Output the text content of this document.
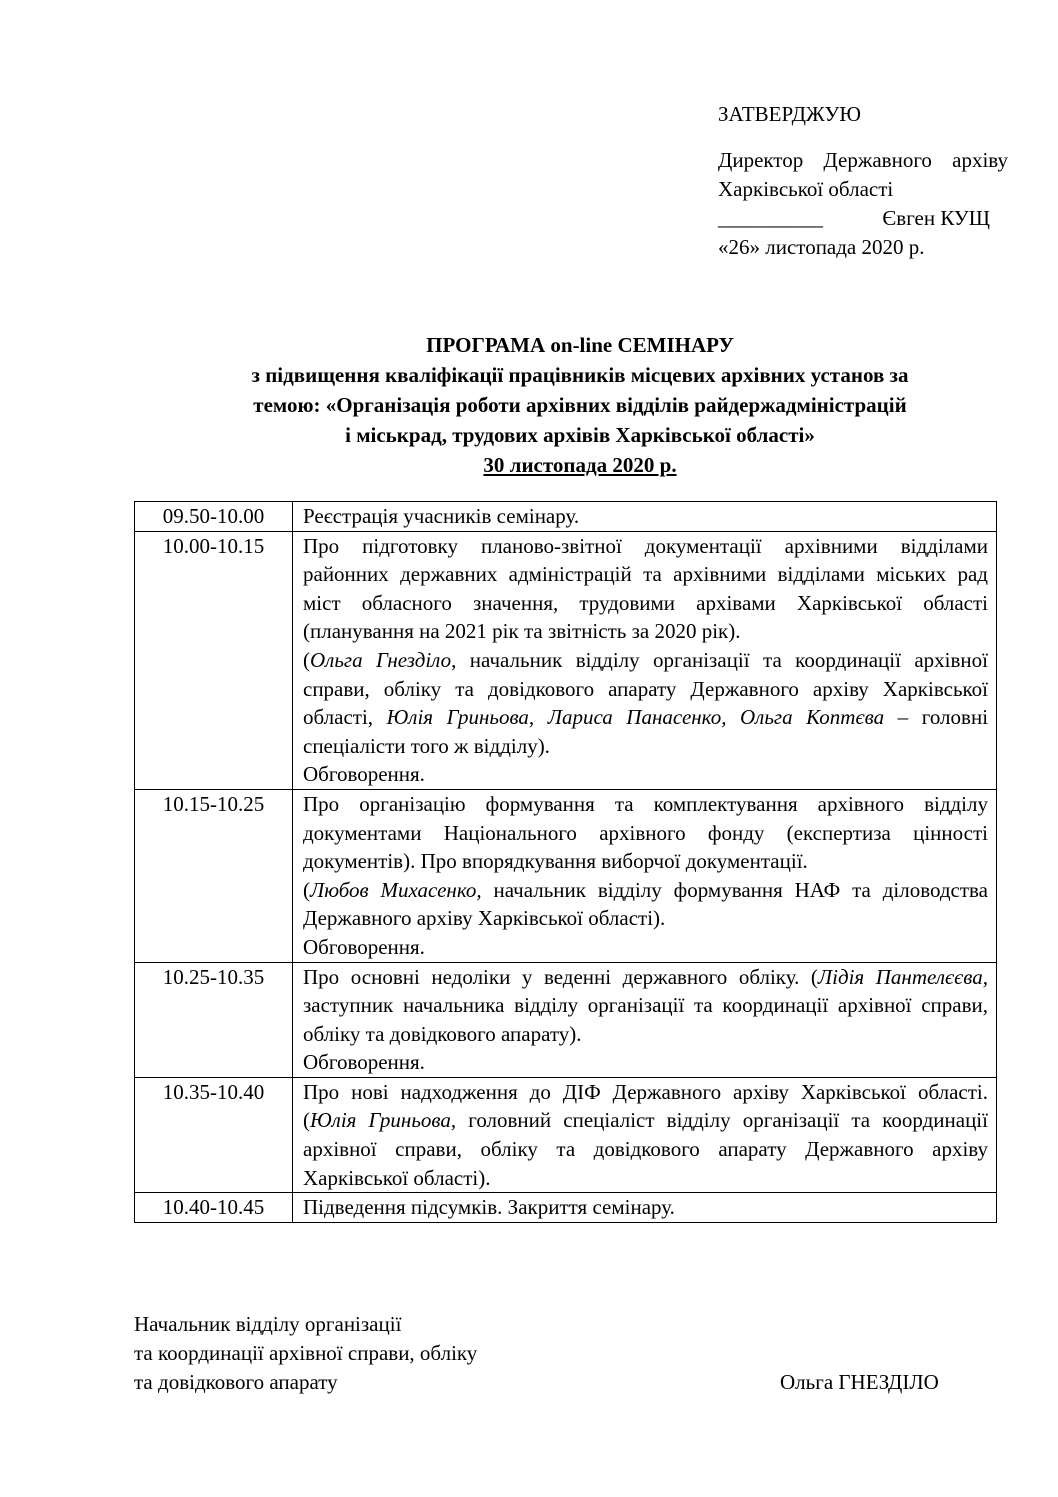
ЗАТВЕРДЖУЮ
Директор Державного архіву Харківської області
__________	Євген КУЩ
«26» листопада 2020 р.
ПРОГРАМА on-line СЕМІНАРУ
з підвищення кваліфікації працівників місцевих архівних установ за
темою: «Організація роботи архівних відділів райдержадміністрацій
і міськрад, трудових архівів Харківської області»
30 листопада 2020 р.
09.50-10.00	Реєстрація учасників семінару.

10.00-10.15	Про підготовку планово-звітної документації архівними відділами районних державних адміністрацій та архівними відділами міських рад міст обласного значення, трудовими архівами Харківської області (планування на 2021 рік та звітність за 2020 рік).
(Ольга Гнезділо, начальник відділу організації та координації архівної справи, обліку та довідкового апарату Державного архіву Харківської області, Юлія Гриньова, Лариса Панасенко, Ольга Коптєва – головні спеціалісти того ж відділу).
Обговорення.

10.15-10.25	Про організацію формування та комплектування архівного відділу документами Національного архівного фонду (експертиза цінності документів). Про впорядкування виборчої документації.
(Любов Михасенко, начальник відділу формування НАФ та діловодства Державного архіву Харківської області).
Обговорення.

10.25-10.35	Про основні недоліки у веденні державного обліку. (Лідія Пантелєєва, заступник начальника відділу організації та координації архівної справи, обліку та довідкового апарату).
Обговорення.

10.35-10.40	Про нові надходження до ДІФ Державного архіву Харківської області. (Юлія Гриньова, головний спеціаліст відділу організації та координації архівної справи, обліку та довідкового апарату Державного архіву Харківської області).

10.40-10.45	Підведення підсумків. Закриття семінару.
Начальник відділу організації
та координації архівної справи, обліку
та довідкового апарату	Ольга ГНЕЗДІЛО
